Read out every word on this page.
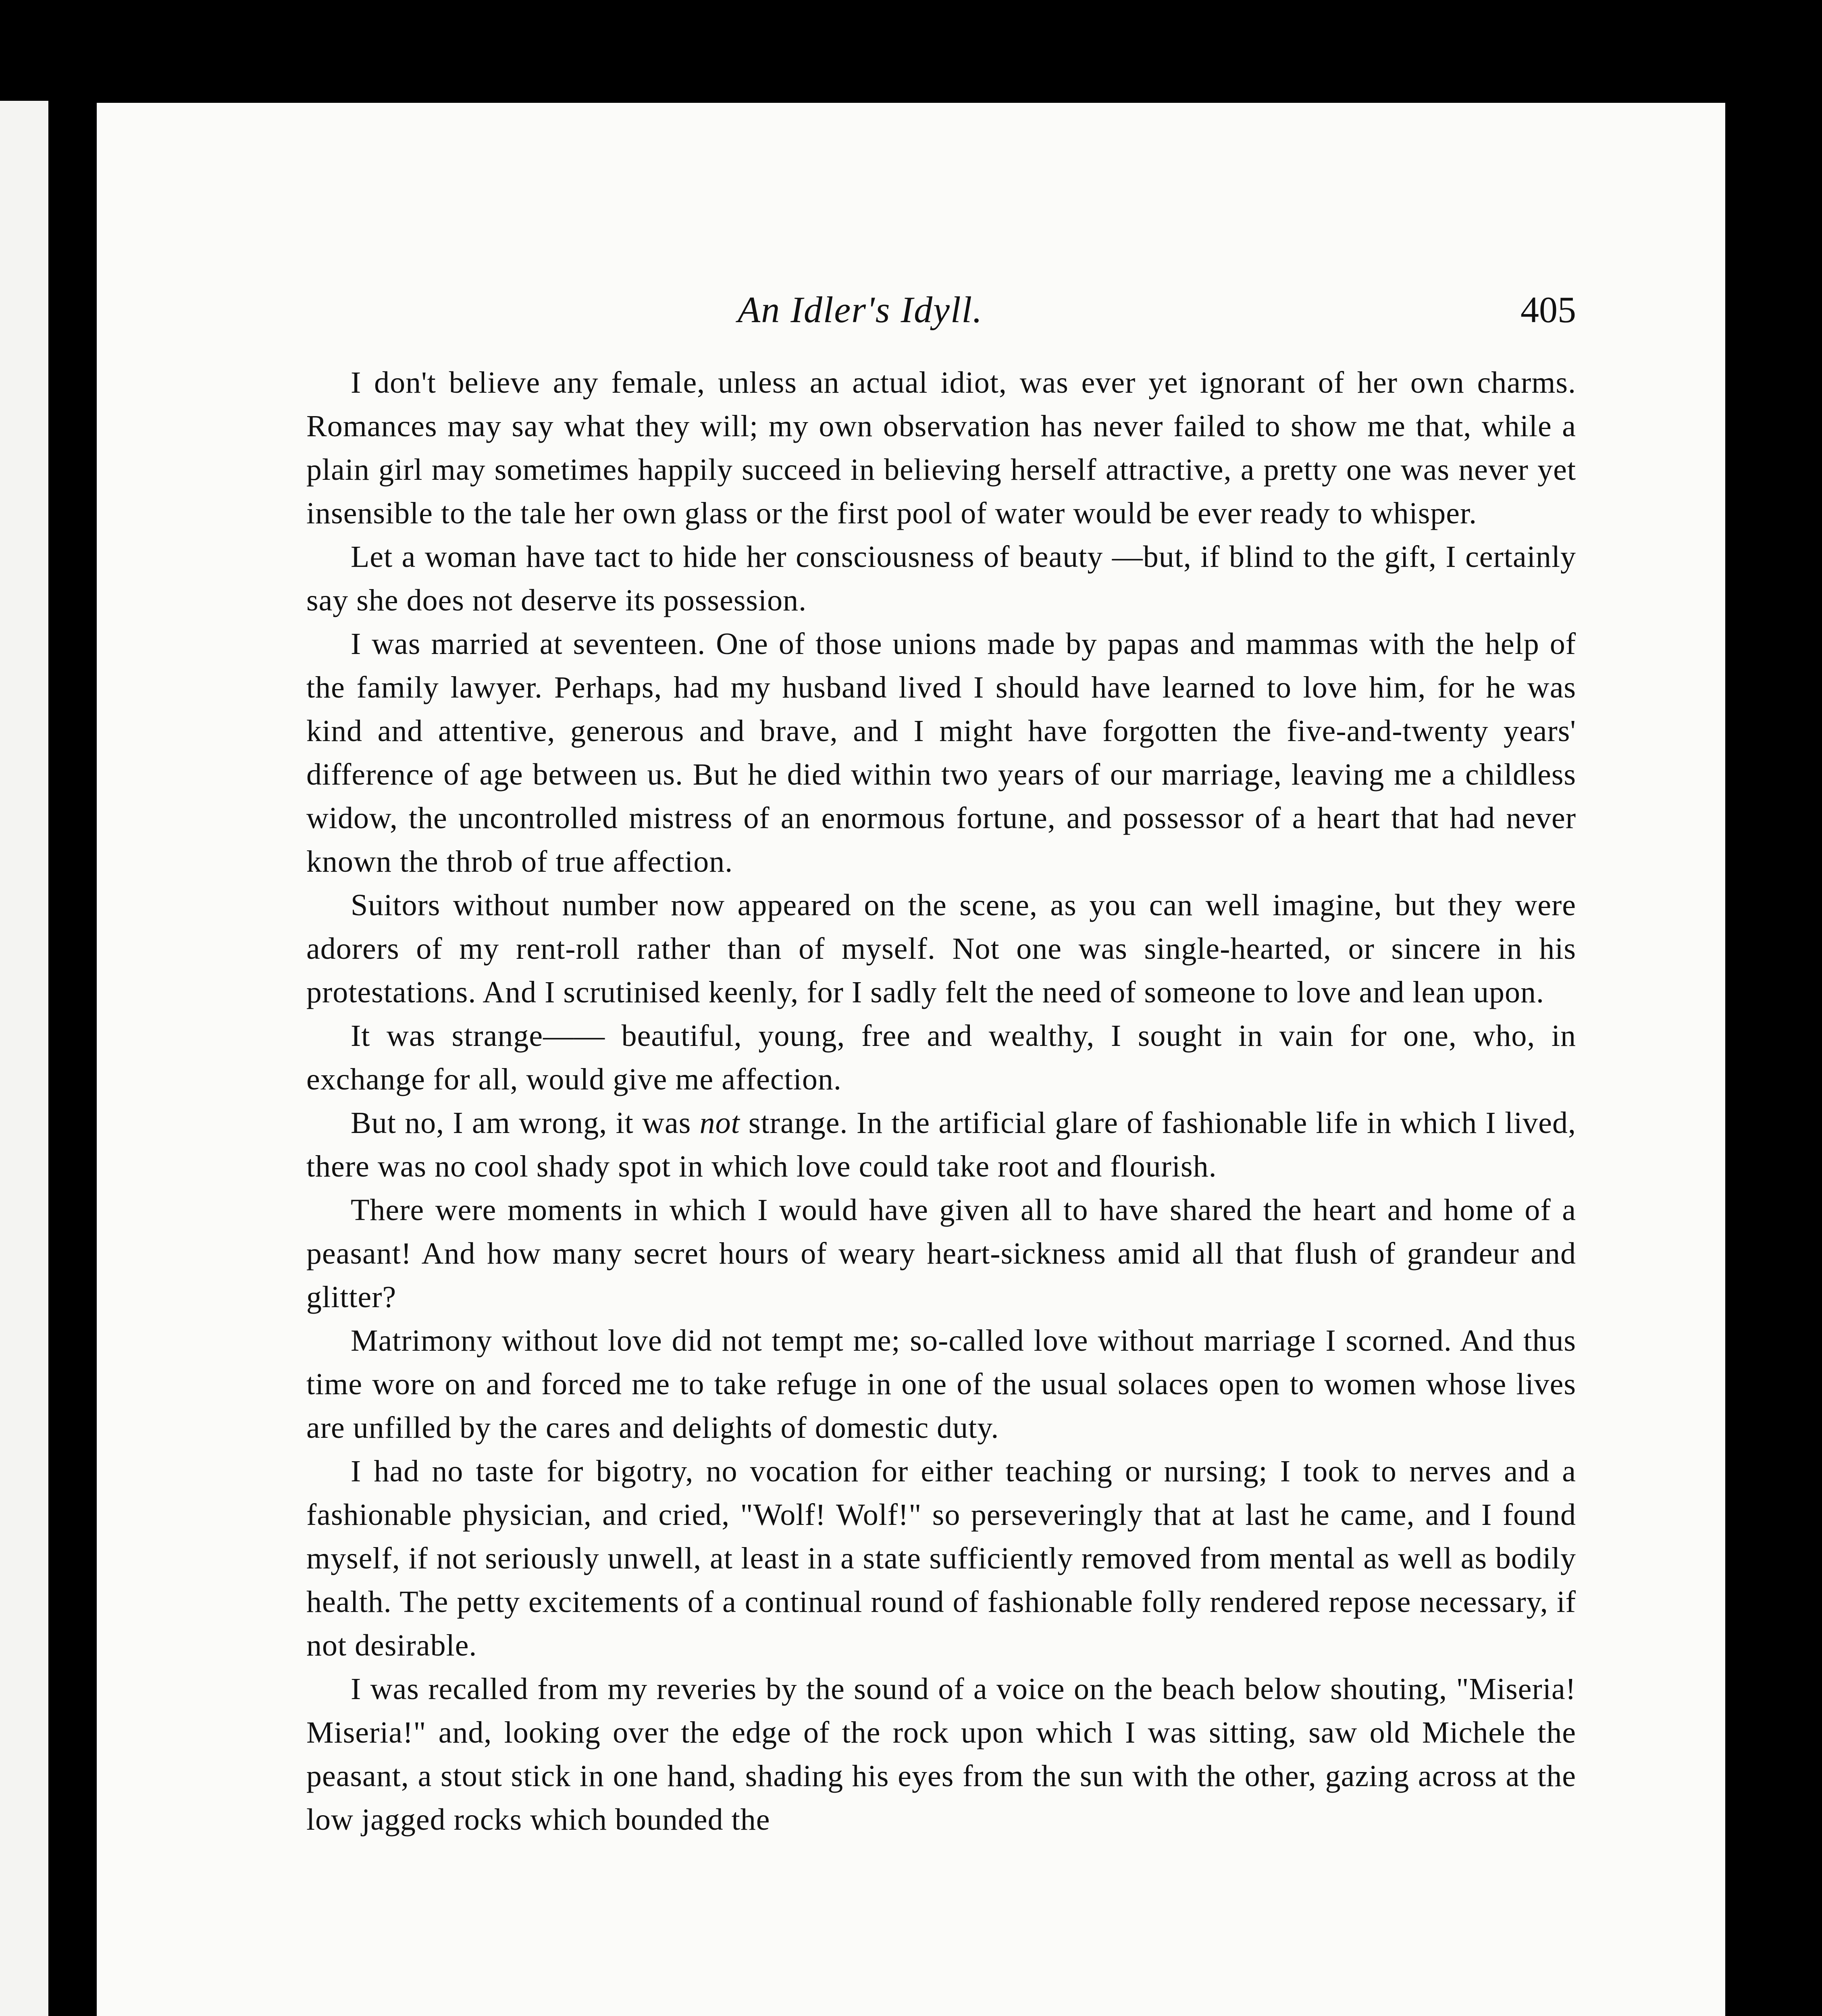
An Idler's Idyll.	405

I don't believe any female, unless an actual idiot, was ever yet ignorant of her own charms. Romances may say what they will; my own observation has never failed to show me that, while a plain girl may sometimes happily succeed in believing herself attractive, a pretty one was never yet insensible to the tale her own glass or the first pool of water would be ever ready to whisper.

Let a woman have tact to hide her consciousness of beauty —but, if blind to the gift, I certainly say she does not deserve its possession.

I was married at seventeen. One of those unions made by papas and mammas with the help of the family lawyer. Perhaps, had my husband lived I should have learned to love him, for he was kind and attentive, generous and brave, and I might have forgotten the five-and-twenty years' difference of age between us. But he died within two years of our marriage, leaving me a childless widow, the uncontrolled mistress of an enormous fortune, and possessor of a heart that had never known the throb of true affection.

Suitors without number now appeared on the scene, as you can well imagine, but they were adorers of my rent-roll rather than of myself. Not one was single-hearted, or sincere in his protestations. And I scrutinised keenly, for I sadly felt the need of someone to love and lean upon.

It was strange—— beautiful, young, free and wealthy, I sought in vain for one, who, in exchange for all, would give me affection.

But no, I am wrong, it was not strange. In the artificial glare of fashionable life in which I lived, there was no cool shady spot in which love could take root and flourish.

There were moments in which I would have given all to have shared the heart and home of a peasant! And how many secret hours of weary heart-sickness amid all that flush of grandeur and glitter?

Matrimony without love did not tempt me; so-called love without marriage I scorned. And thus time wore on and forced me to take refuge in one of the usual solaces open to women whose lives are unfilled by the cares and delights of domestic duty.

I had no taste for bigotry, no vocation for either teaching or nursing; I took to nerves and a fashionable physician, and cried, "Wolf! Wolf!" so perseveringly that at last he came, and I found myself, if not seriously unwell, at least in a state sufficiently removed from mental as well as bodily health. The petty excitements of a continual round of fashionable folly rendered repose necessary, if not desirable.

I was recalled from my reveries by the sound of a voice on the beach below shouting, "Miseria! Miseria!" and, looking over the edge of the rock upon which I was sitting, saw old Michele the peasant, a stout stick in one hand, shading his eyes from the sun with the other, gazing across at the low jagged rocks which bounded the
